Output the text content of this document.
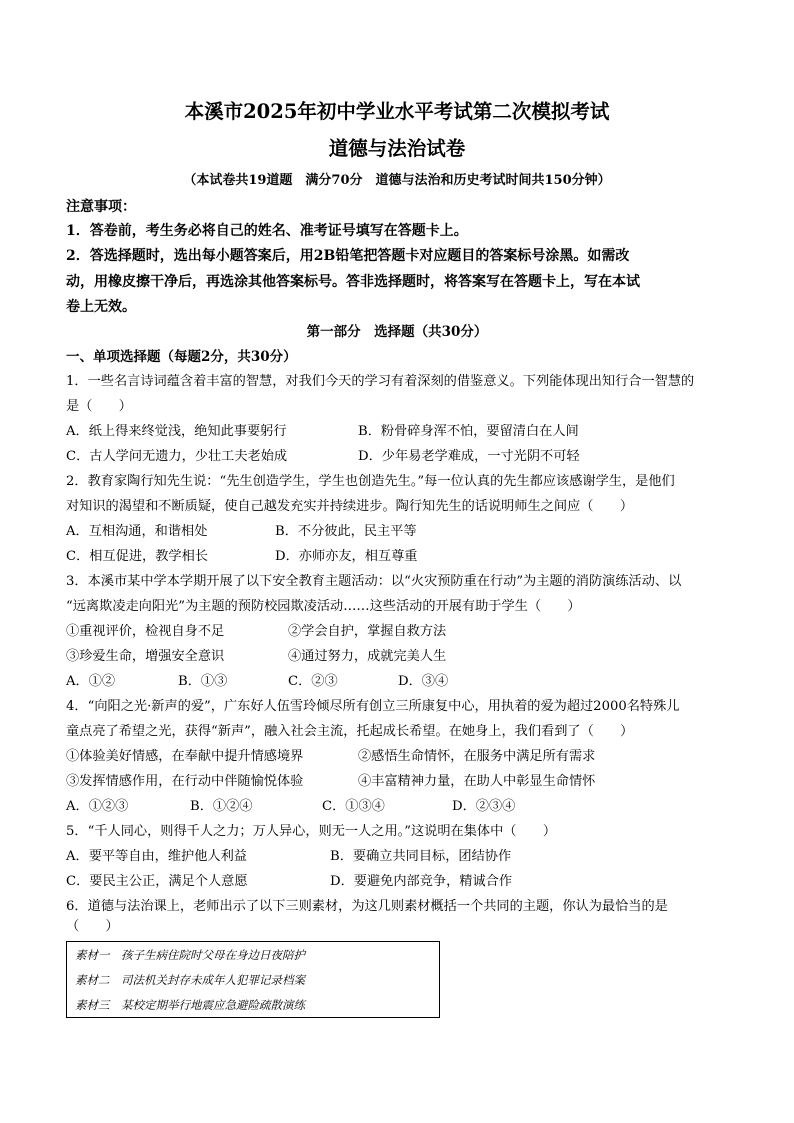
本溪市2025年初中学业水平考试第二次模拟考试
道德与法治试卷
（本试卷共19道题　满分70分　道德与法治和历史考试时间共150分钟）
注意事项：
1．答卷前，考生务必将自己的姓名、准考证号填写在答题卡上。
2．答选择题时，选出每小题答案后，用2B铅笔把答题卡对应题目的答案标号涂黑。如需改
动，用橡皮擦干净后，再选涂其他答案标号。答非选择题时，将答案写在答题卡上，写在本试
卷上无效。
第一部分　选择题（共30分）
一、单项选择题（每题2分，共30分）
1．一些名言诗词蕴含着丰富的智慧，对我们今天的学习有着深刻的借鉴意义。下列能体现出知行合一智慧的
是（　　）
A．纸上得来终觉浅，绝知此事要躬行	B．粉骨碎身浑不怕，要留清白在人间
C．古人学问无遗力，少壮工夫老始成	D．少年易老学难成，一寸光阴不可轻
2．教育家陶行知先生说：“先生创造学生，学生也创造先生。”每一位认真的先生都应该感谢学生，是他们
对知识的渴望和不断质疑，使自己越发充实并持续进步。陶行知先生的话说明师生之间应（　　）
A．互相沟通，和谐相处	B．不分彼此，民主平等
C．相互促进，教学相长	D．亦师亦友，相互尊重
3．本溪市某中学本学期开展了以下安全教育主题活动：以“火灾预防重在行动”为主题的消防演练活动、以
“远离欺凌走向阳光”为主题的预防校园欺凌活动……这些活动的开展有助于学生（　　）
①重视评价，检视自身不足	②学会自护，掌握自救方法
③珍爱生命，增强安全意识	④通过努力，成就完美人生
A．①②	B．①③	C．②③	D．③④
4．“向阳之光·新声的爱”，广东好人伍雪玲倾尽所有创立三所康复中心，用执着的爱为超过2000名特殊儿
童点亮了希望之光，获得“新声”，融入社会主流，托起成长希望。在她身上，我们看到了（　　）
①体验美好情感，在奉献中提升情感境界	②感悟生命情怀，在服务中满足所有需求
③发挥情感作用，在行动中伴随愉悦体验	④丰富精神力量，在助人中彰显生命情怀
A．①②③	B．①②④	C．①③④	D．②③④
5．“千人同心，则得千人之力；万人异心，则无一人之用。”这说明在集体中（　　）
A．要平等自由，维护他人利益	B．要确立共同目标，团结协作
C．要民主公正，满足个人意愿	D．要避免内部竞争，精诚合作
6．道德与法治课上，老师出示了以下三则素材，为这几则素材概括一个共同的主题，你认为最恰当的是
（　　）
素材一　孩子生病住院时父母在身边日夜陪护
素材二　司法机关封存未成年人犯罪记录档案
素材三　某校定期举行地震应急避险疏散演练
